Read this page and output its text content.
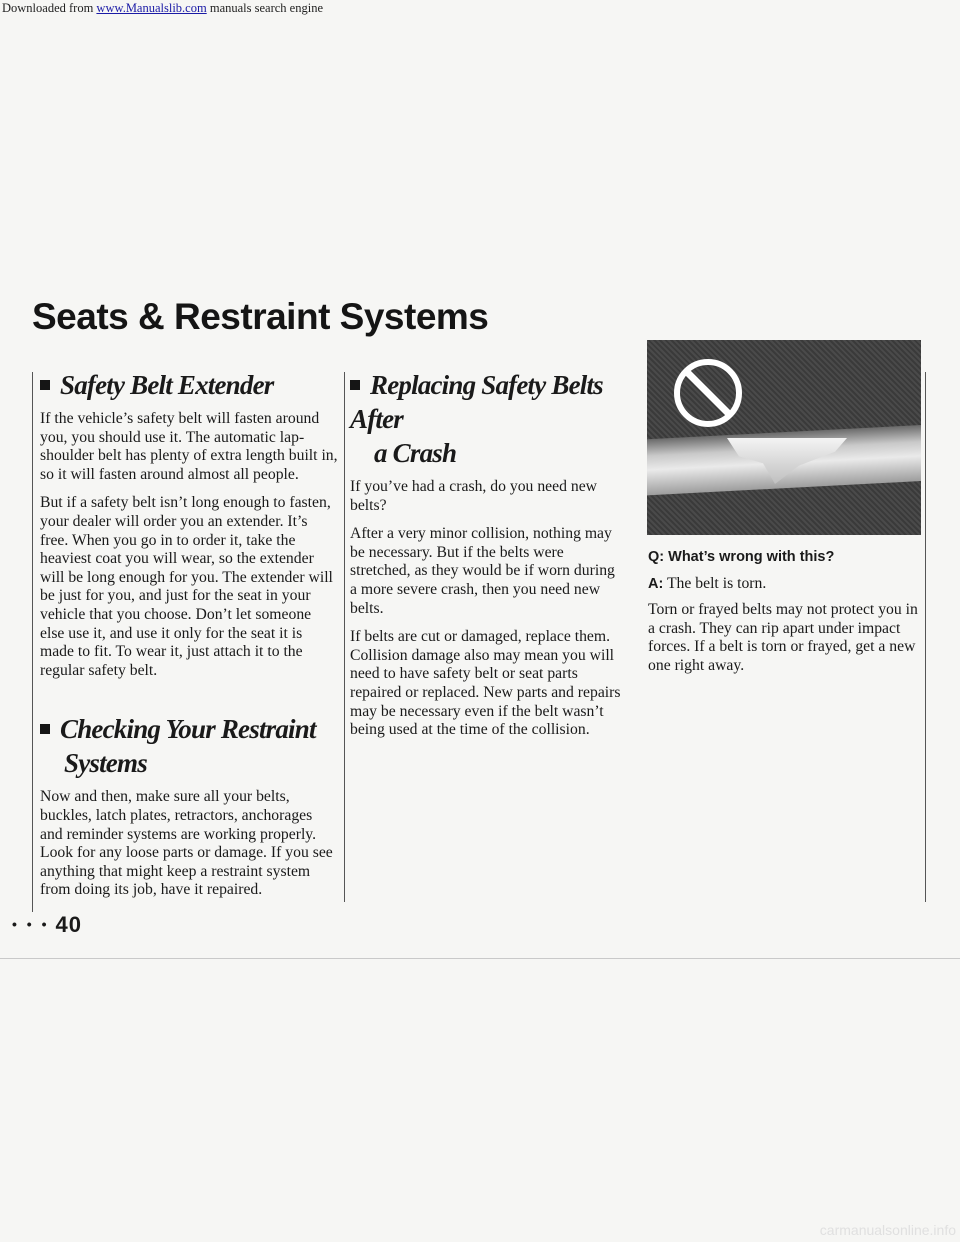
Downloaded from www.Manualslib.com manuals search engine
Seats & Restraint Systems
Safety Belt Extender

If the vehicle’s safety belt will fasten around you, you should use it. The automatic lap-shoulder belt has plenty of extra length built in, so it will fasten around almost all people.

But if a safety belt isn’t long enough to fasten, your dealer will order you an extender. It’s free. When you go in to order it, take the heaviest coat you will wear, so the extender will be long enough for you. The extender will be just for you, and just for the seat in your vehicle that you choose. Don’t let someone else use it, and use it only for the seat it is made to fit. To wear it, just attach it to the regular safety belt.

Checking Your Restraint
Systems

Now and then, make sure all your belts, buckles, latch plates, retractors, anchorages and reminder systems are working properly. Look for any loose parts or damage. If you see anything that might keep a restraint system from doing its job, have it repaired.

Replacing Safety Belts After
a Crash

If you’ve had a crash, do you need new belts?

After a very minor collision, nothing may be necessary. But if the belts were stretched, as they would be if worn during a more severe crash, then you need new belts.

If belts are cut or damaged, replace them. Collision damage also may mean you will need to have safety belt or seat parts repaired or replaced. New parts and repairs may be necessary even if the belt wasn’t being used at the time of the collision.

Q: What’s wrong with this?

A: The belt is torn.

Torn or frayed belts may not protect you in a crash. They can rip apart under impact forces. If a belt is torn or frayed, get a new one right away.

• • • 40
carmanualsonline.info
